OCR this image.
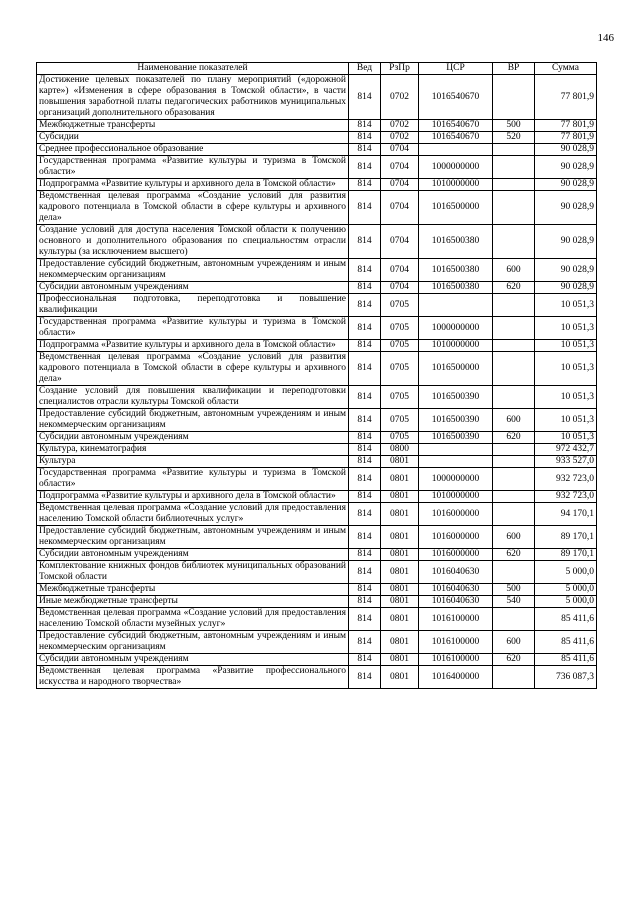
146
Наименование показателей	Вед	РзПр	ЦСР	ВР	Сумма
Достижение целевых показателей по плану мероприятий («дорожной карте») «Изменения в сфере образования в Томской области», в части повышения заработной платы педагогических работников муниципальных организаций дополнительного образования	814	0702	1016540670		77 801,9
Межбюджетные трансферты	814	0702	1016540670	500	77 801,9
Субсидии	814	0702	1016540670	520	77 801,9
Среднее профессиональное образование	814	0704			90 028,9
Государственная программа «Развитие культуры и туризма в Томской области»	814	0704	1000000000		90 028,9
Подпрограмма «Развитие культуры и архивного дела в Томской области»	814	0704	1010000000		90 028,9
Ведомственная целевая программа «Создание условий для развития кадрового потенциала в Томской области в сфере культуры и архивного дела»	814	0704	1016500000		90 028,9
Создание условий для доступа населения Томской области к получению основного и дополнительного образования по специальностям отрасли культуры (за исключением высшего)	814	0704	1016500380		90 028,9
Предоставление субсидий бюджетным, автономным учреждениям и иным некоммерческим организациям	814	0704	1016500380	600	90 028,9
Субсидии автономным учреждениям	814	0704	1016500380	620	90 028,9
Профессиональная подготовка, переподготовка и повышение квалификации	814	0705			10 051,3
Государственная программа «Развитие культуры и туризма в Томской области»	814	0705	1000000000		10 051,3
Подпрограмма «Развитие культуры и архивного дела в Томской области»	814	0705	1010000000		10 051,3
Ведомственная целевая программа «Создание условий для развития кадрового потенциала в Томской области в сфере культуры и архивного дела»	814	0705	1016500000		10 051,3
Создание условий для повышения квалификации и переподготовки специалистов отрасли культуры Томской области	814	0705	1016500390		10 051,3
Предоставление субсидий бюджетным, автономным учреждениям и иным некоммерческим организациям	814	0705	1016500390	600	10 051,3
Субсидии автономным учреждениям	814	0705	1016500390	620	10 051,3
Культура, кинематография	814	0800			972 432,7
Культура	814	0801			933 527,0
Государственная программа «Развитие культуры и туризма в Томской области»	814	0801	1000000000		932 723,0
Подпрограмма «Развитие культуры и архивного дела в Томской области»	814	0801	1010000000		932 723,0
Ведомственная целевая программа «Создание условий для предоставления населению Томской области библиотечных услуг»	814	0801	1016000000		94 170,1
Предоставление субсидий бюджетным, автономным учреждениям и иным некоммерческим организациям	814	0801	1016000000	600	89 170,1
Субсидии автономным учреждениям	814	0801	1016000000	620	89 170,1
Комплектование книжных фондов библиотек муниципальных образований Томской области	814	0801	1016040630		5 000,0
Межбюджетные трансферты	814	0801	1016040630	500	5 000,0
Иные межбюджетные трансферты	814	0801	1016040630	540	5 000,0
Ведомственная целевая программа «Создание условий для предоставления населению Томской области музейных услуг»	814	0801	1016100000		85 411,6
Предоставление субсидий бюджетным, автономным учреждениям и иным некоммерческим организациям	814	0801	1016100000	600	85 411,6
Субсидии автономным учреждениям	814	0801	1016100000	620	85 411,6
Ведомственная целевая программа «Развитие профессионального искусства и народного творчества»	814	0801	1016400000		736 087,3
